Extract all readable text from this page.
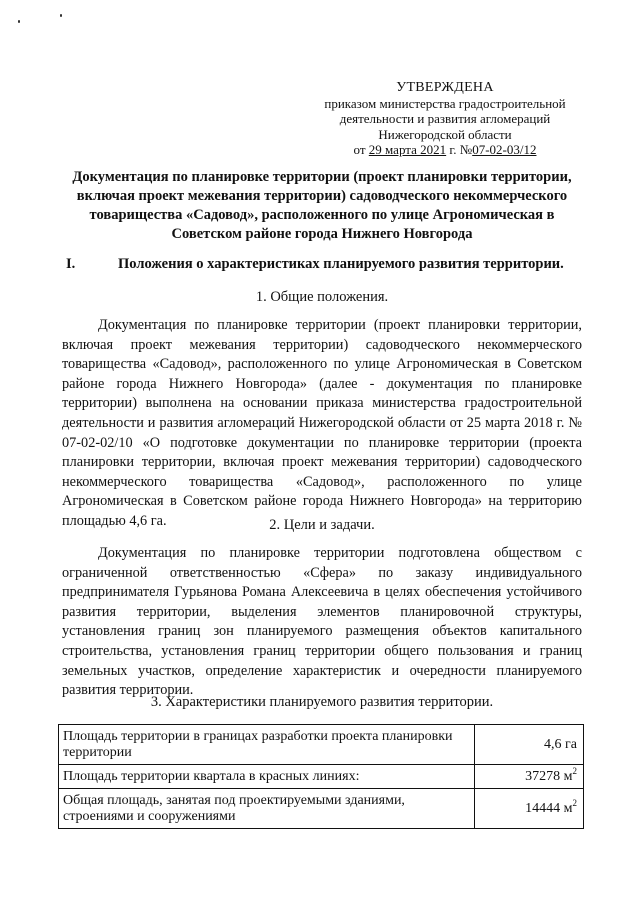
УТВЕРЖДЕНА
приказом министерства градостроительной
деятельности и развития агломераций
Нижегородской области
от 29 марта 2021 г. №07-02-03/12
Документация по планировке территории (проект планировки территории, включая проект межевания территории) садоводческого некоммерческого товарищества «Садовод», расположенного по улице Агрономическая в Советском районе города Нижнего Новгорода
I.	Положения о характеристиках планируемого развития территории.
1. Общие положения.
Документация по планировке территории (проект планировки территории, включая проект межевания территории) садоводческого некоммерческого товарищества «Садовод», расположенного по улице Агрономическая в Советском районе города Нижнего Новгорода» (далее - документация по планировке территории) выполнена на основании приказа министерства градостроительной деятельности и развития агломераций Нижегородской области от 25 марта 2018 г. № 07-02-02/10 «О подготовке документации по планировке территории (проекта планировки территории, включая проект межевания территории) садоводческого некоммерческого товарищества «Садовод», расположенного по улице Агрономическая в Советском районе города Нижнего Новгорода» на территорию площадью 4,6 га.	2. Цели и задачи.
Документация по планировке территории подготовлена обществом с ограниченной ответственностью «Сфера» по заказу индивидуального предпринимателя Гурьянова Романа Алексеевича в целях обеспечения устойчивого развития территории, выделения элементов планировочной структуры, установления границ зон планируемого размещения объектов капитального строительства, установления границ территории общего пользования и границ земельных участков, определение характеристик и очередности планируемого развития территории.
3. Характеристики планируемого развития территории.
Площадь территории в границах разработки проекта планировки территории	4,6 га
Площадь территории квартала в красных линиях:	37278 $м^2$
Общая площадь, занятая под проектируемыми зданиями, строениями и сооружениями	14444 $м^2$
